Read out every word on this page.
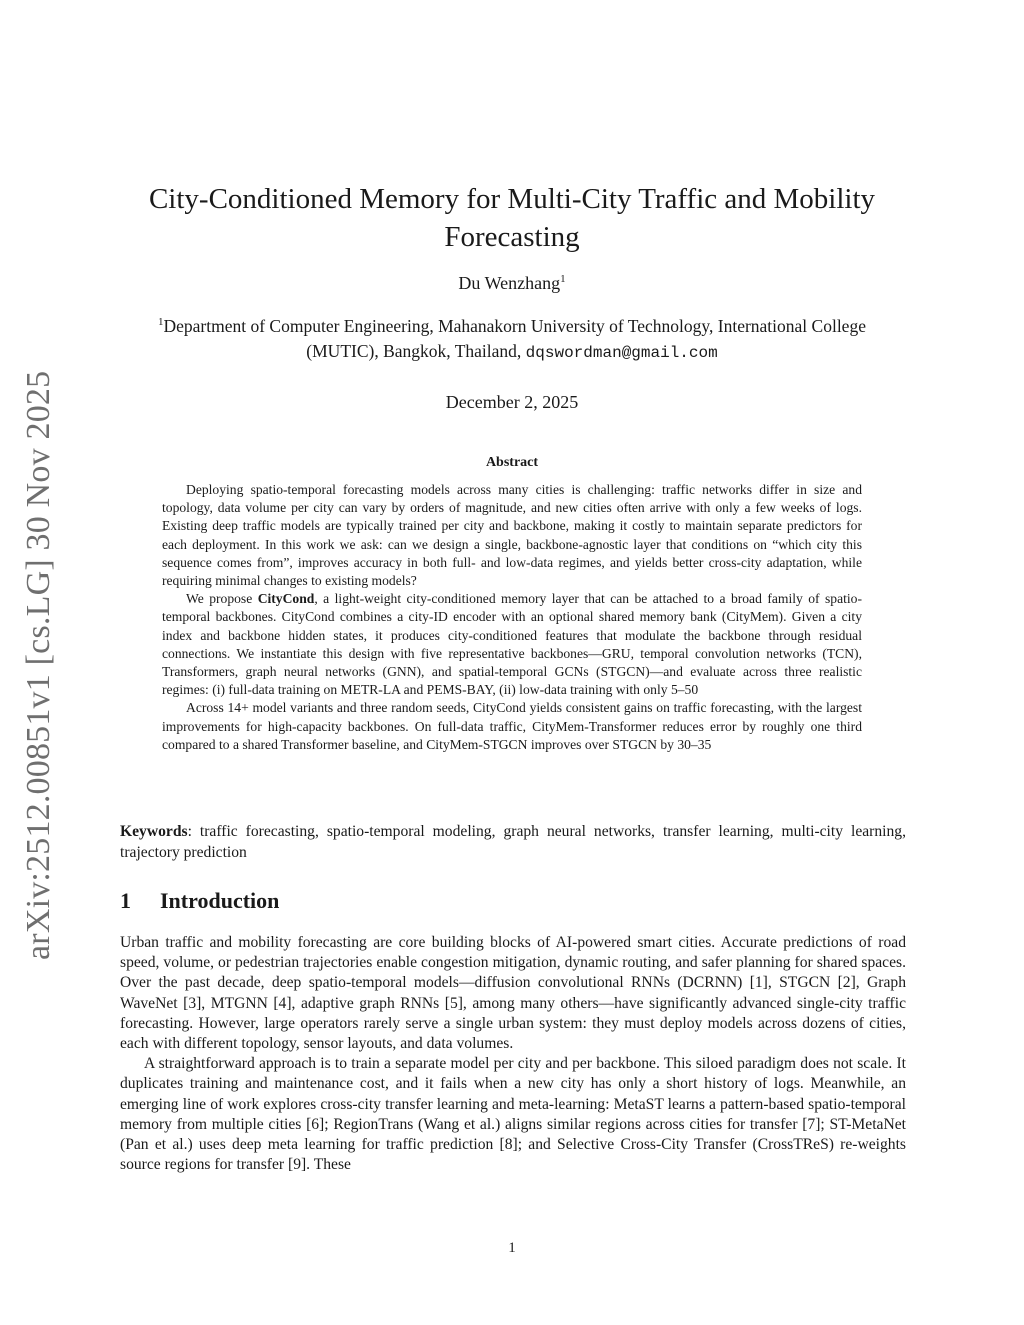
arXiv:2512.00851v1 [cs.LG] 30 Nov 2025
City-Conditioned Memory for Multi-City Traffic and Mobility
Forecasting
Du Wenzhang$^1$
$^1$Department of Computer Engineering, Mahanakorn University of Technology, International College (MUTIC), Bangkok, Thailand, dqswordman@gmail.com
December 2, 2025
Abstract

Deploying spatio-temporal forecasting models across many cities is challenging: traffic networks differ in size and topology, data volume per city can vary by orders of magnitude, and new cities often arrive with only a few weeks of logs. Existing deep traffic models are typically trained per city and backbone, making it costly to maintain separate predictors for each deployment. In this work we ask: can we design a single, backbone-agnostic layer that conditions on “which city this sequence comes from”, improves accuracy in both full- and low-data regimes, and yields better cross-city adaptation, while requiring minimal changes to existing models?

We propose CityCond, a light-weight city-conditioned memory layer that can be attached to a broad family of spatio-temporal backbones. CityCond combines a city-ID encoder with an optional shared memory bank (CityMem). Given a city index and backbone hidden states, it produces city-conditioned features that modulate the backbone through residual connections. We instantiate this design with five representative backbones—GRU, temporal convolution networks (TCN), Transformers, graph neural networks (GNN), and spatial-temporal GCNs (STGCN)—and evaluate across three realistic regimes: (i) full-data training on METR-LA and PEMS-BAY, (ii) low-data training with only 5–50

Across 14+ model variants and three random seeds, CityCond yields consistent gains on traffic forecasting, with the largest improvements for high-capacity backbones. On full-data traffic, CityMem-Transformer reduces error by roughly one third compared to a shared Transformer baseline, and CityMem-STGCN improves over STGCN by 30–35

Keywords: traffic forecasting, spatio-temporal modeling, graph neural networks, transfer learning, multi-city learning, trajectory prediction
1 Introduction

Urban traffic and mobility forecasting are core building blocks of AI-powered smart cities. Accurate predictions of road speed, volume, or pedestrian trajectories enable congestion mitigation, dynamic routing, and safer planning for shared spaces. Over the past decade, deep spatio-temporal models—diffusion convolutional RNNs (DCRNN) [1], STGCN [2], Graph WaveNet [3], MTGNN [4], adaptive graph RNNs [5], among many others—have significantly advanced single-city traffic forecasting. However, large operators rarely serve a single urban system: they must deploy models across dozens of cities, each with different topology, sensor layouts, and data volumes.

A straightforward approach is to train a separate model per city and per backbone. This siloed paradigm does not scale. It duplicates training and maintenance cost, and it fails when a new city has only a short history of logs. Meanwhile, an emerging line of work explores cross-city transfer learning and meta-learning: MetaST learns a pattern-based spatio-temporal memory from multiple cities [6]; RegionTrans (Wang et al.) aligns similar regions across cities for transfer [7]; ST-MetaNet (Pan et al.) uses deep meta learning for traffic prediction [8]; and Selective Cross-City Transfer (CrossTReS) re-weights source regions for transfer [9]. These

1
